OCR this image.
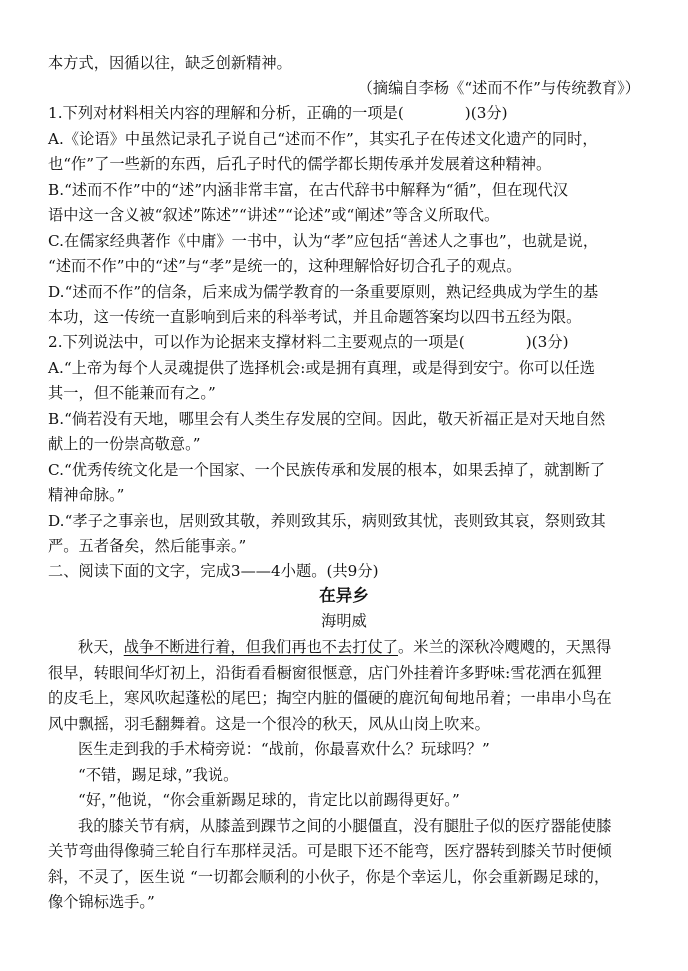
本方式，因循以往，缺乏创新精神。
（摘编自李杨《“述而不作”与传统教育》）
1.下列对材料相关内容的理解和分析，正确的一项是(　　　　)(3分)
A.《论语》中虽然记录孔子说自己“述而不作”，其实孔子在传述文化遗产的同时，
也“作”了一些新的东西，后孔子时代的儒学都长期传承并发展着这种精神。
B.“述而不作”中的“述”内涵非常丰富，在古代辞书中解释为“循”，但在现代汉
语中这一含义被“叙述”陈述”“讲述”“论述”或“阐述”等含义所取代。
C.在儒家经典著作《中庸》一书中，认为“孝”应包括“善述人之事也”，也就是说，
“述而不作”中的“述”与“孝”是统一的，这种理解恰好切合孔子的观点。
D.“述而不作”的信条，后来成为儒学教育的一条重要原则，熟记经典成为学生的基
本功，这一传统一直影响到后来的科举考试，并且命题答案均以四书五经为限。
2.下列说法中，可以作为论据来支撑材料二主要观点的一项是(　　　　)(3分)
A.“上帝为每个人灵魂提供了选择机会:或是拥有真理，或是得到安宁。你可以任选
其一，但不能兼而有之。”
B.“倘若没有天地，哪里会有人类生存发展的空间。因此，敬天祈福正是对天地自然
献上的一份崇高敬意。”
C.“优秀传统文化是一个国家、一个民族传承和发展的根本，如果丢掉了，就割断了
精神命脉。”
D.“孝子之事亲也，居则致其敬，养则致其乐，病则致其忧，丧则致其哀，祭则致其
严。五者备矣，然后能事亲。”
二、阅读下面的文字，完成3——4小题。(共9分)
在异乡
海明威
秋天，战争不断进行着，但我们再也不去打仗了。米兰的深秋冷飕飕的，天黑得
很早，转眼间华灯初上，沿街看看橱窗很惬意，店门外挂着许多野味:雪花洒在狐狸
的皮毛上，寒风吹起蓬松的尾巴；掏空内脏的僵硬的鹿沉甸甸地吊着；一串串小鸟在
风中飘摇，羽毛翻舞着。这是一个很冷的秋天，风从山岗上吹来。
医生走到我的手术椅旁说：“战前，你最喜欢什么？玩球吗？”
“不错，踢足球，”我说。
“好，”他说，“你会重新踢足球的，肯定比以前踢得更好。”
我的膝关节有病，从膝盖到踝节之间的小腿僵直，没有腿肚子似的医疗器能使膝
关节弯曲得像骑三轮自行车那样灵活。可是眼下还不能弯，医疗器转到膝关节时便倾
斜，不灵了，医生说 “一切都会顺利的小伙子，你是个幸运儿，你会重新踢足球的，
像个锦标选手。”
